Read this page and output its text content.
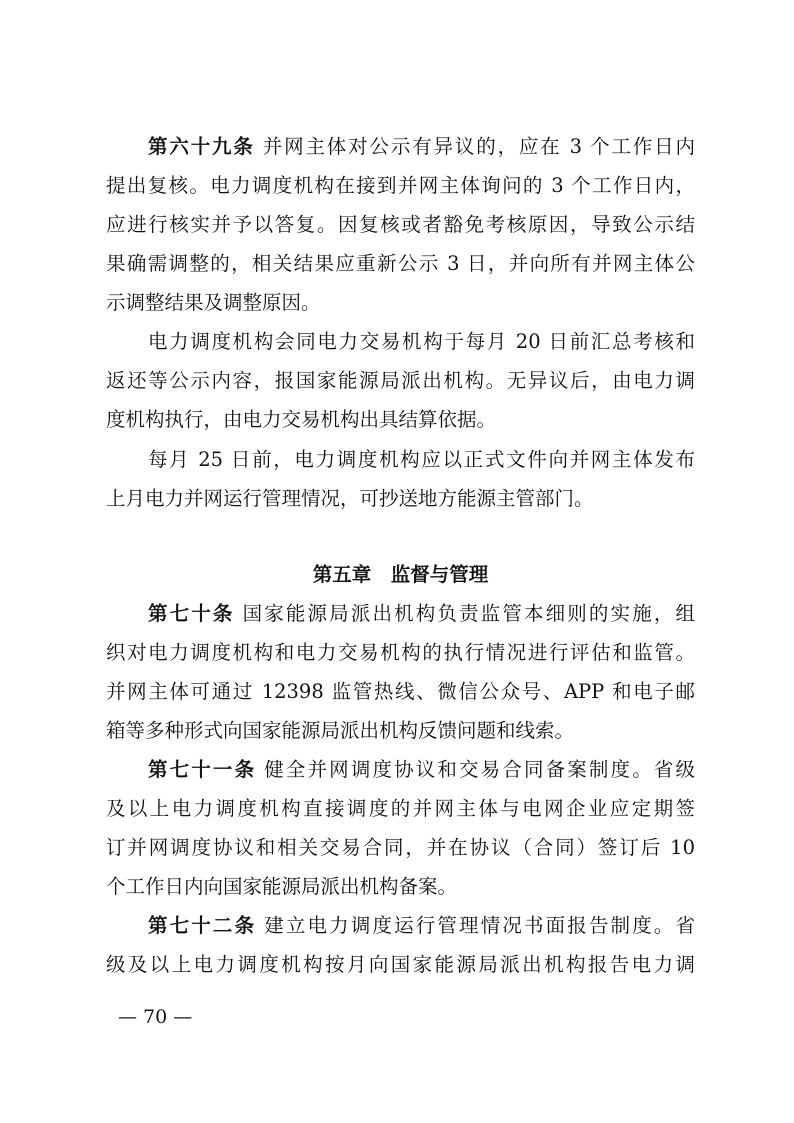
第六十九条 并网主体对公示有异议的，应在 3 个工作日内
提出复核。电力调度机构在接到并网主体询问的 3 个工作日内，
应进行核实并予以答复。因复核或者豁免考核原因，导致公示结
果确需调整的，相关结果应重新公示 3 日，并向所有并网主体公
示调整结果及调整原因。
电力调度机构会同电力交易机构于每月 20 日前汇总考核和
返还等公示内容，报国家能源局派出机构。无异议后，由电力调
度机构执行，由电力交易机构出具结算依据。
每月 25 日前，电力调度机构应以正式文件向并网主体发布
上月电力并网运行管理情况，可抄送地方能源主管部门。
第五章　监督与管理
第七十条 国家能源局派出机构负责监管本细则的实施，组
织对电力调度机构和电力交易机构的执行情况进行评估和监管。
并网主体可通过 12398 监管热线、微信公众号、APP 和电子邮
箱等多种形式向国家能源局派出机构反馈问题和线索。
第七十一条 健全并网调度协议和交易合同备案制度。省级
及以上电力调度机构直接调度的并网主体与电网企业应定期签
订并网调度协议和相关交易合同，并在协议（合同）签订后 10
个工作日内向国家能源局派出机构备案。
第七十二条 建立电力调度运行管理情况书面报告制度。省
级及以上电力调度机构按月向国家能源局派出机构报告电力调
— 70 —
